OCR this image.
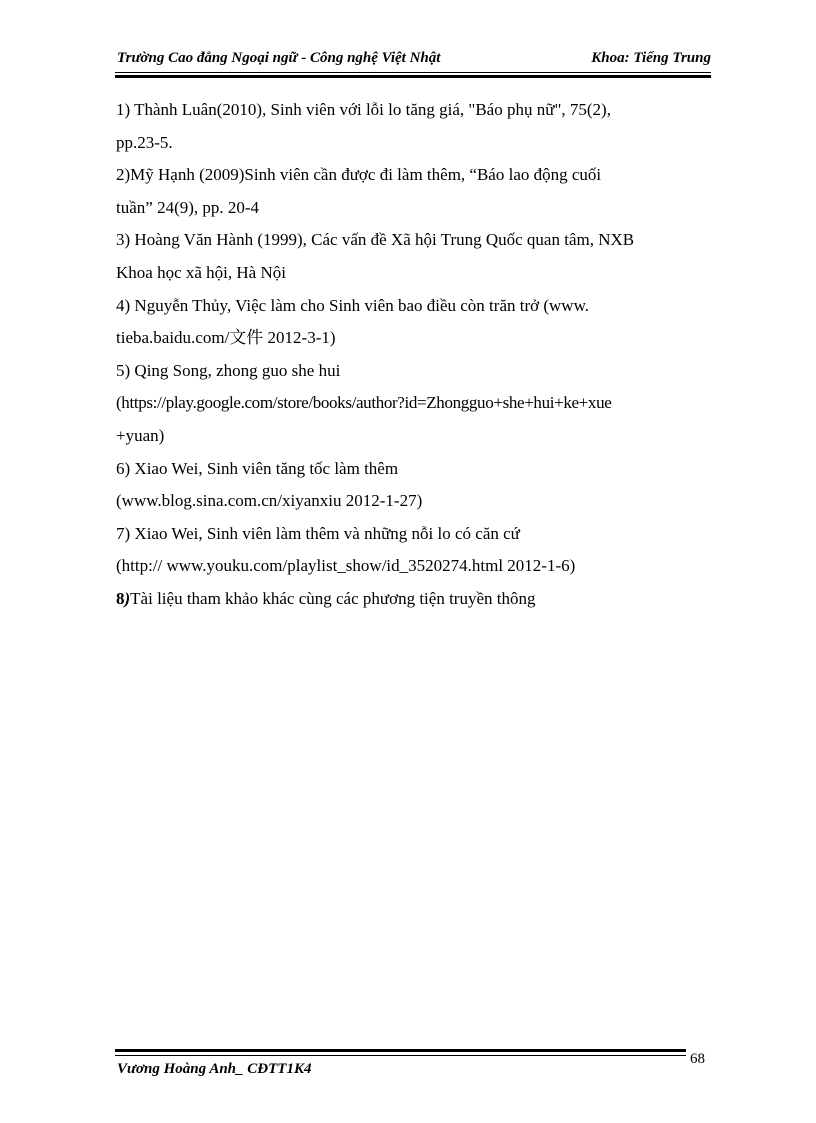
Trường Cao đẳng Ngoại ngữ - Công nghệ Việt Nhật	Khoa: Tiếng Trung
1) Thành Luân(2010), Sinh viên với lỗi lo tăng giá, "Báo phụ nữ", 75(2),
pp.23-5.
2)Mỹ Hạnh (2009)Sinh viên cần được đi làm thêm, “Báo lao động cuối
tuần” 24(9), pp. 20-4
3) Hoàng Văn Hành (1999), Các vấn đề Xã hội Trung Quốc quan tâm, NXB
Khoa học xã hội, Hà Nội
4) Nguyễn Thủy, Việc làm cho Sinh viên bao điều còn trăn trở (www.
tieba.baidu.com/文件 2012-3-1)
5) Qing Song, zhong guo she hui
(https://play.google.com/store/books/author?id=Zhongguo+she+hui+ke+xue
+yuan)
6) Xiao Wei, Sinh viên tăng tốc làm thêm
(www.blog.sina.com.cn/xiyanxiu 2012-1-27)
7) Xiao Wei, Sinh viên làm thêm và những nỗi lo có căn cứ
(http:// www.youku.com/playlist_show/id_3520274.html 2012-1-6)
8)Tài liệu tham khảo khác cùng các phương tiện truyền thông
Vương Hoàng Anh_ CĐTT1K4
68
